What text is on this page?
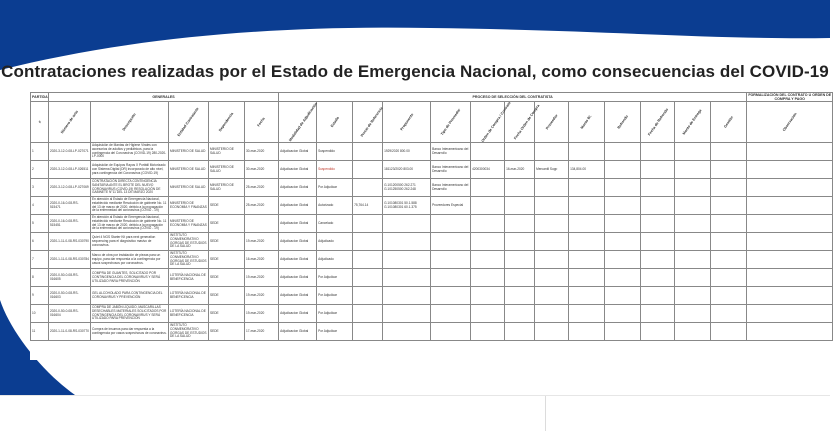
Contrataciones realizadas por el Estado de Emergencia Nacional, como consecuencias del COVID-19
PARTIDA	GENERALES					PROCESO DE SELECCIÓN DEL CONTRATISTA													FORMALIZACIÓN DEL CONTRATO U ORDEN DE COMPRA Y PAGO
#	Número de acto	Descripción	Entidad Contratante	Dependencia	Fecha	Modalidad de Adjudicación	Estado	Precio de Referencia	Proponente	Tipo de Proveedor	Orden de Compra / Contrato	Fecha Orden de Compra	Proveedor	Monto B/.	Refrendo	Fecha de Refrendo	Monto de Entrega	Gestión	Observación
1	2020-3-12-0-08-LP-027071	Adquisición de Mantas de Higiene Virales con accesorios de adultos y pediátricos, para la contingencia del Coronavirus (COVID-19) 280-2020-LP-0000	MINISTERIO DE SALUD	MINISTERIO DE SALUD	30-mar-2020	Adjudicacion Global	Suspendido		1929/2020 800.00	Banco Interamericano del Desarrollo									
2	2020-3-12-0-08-LP-026511	Adquisición de Equipos Rayos X Portátil Motorizado con Sistema Digital (DR) incorporado de alto nivel, para contingencia del Coronavirus (COVID-19)	MINISTERIO DE SALUD	MINISTERIO DE SALUD	30-mar-2020	Adjudicacion Global	Suspendido		181123/2020 803.00	Banco Interamericano del Desarrollo	4200300034	16-mar-2020	Mercantil Supp	134,804.00					
3	2020-3-12-0-08-LP-027069	CONTRATACIÓN DIRECTA CONTINGENCIA SANITARIA ANTE EL BROTE DEL NUEVO CORONAVIRUS (COVID-19) RESOLUCIÓN DE GABINETE N°11 DEL 13 DE MARZO 2020	MINISTERIO DE SALUD	MINISTERIO DE SALUD	25-mar-2020	Adjudicacion Global	Por Adjudicar		G.101200500 262.271 G.101250500 262.248	Banco Interamericano del Desarrollo									
4	2020-0-16-0-08-RS-515471	En atención al Estado de Emergencia Nacional, establecido mediante Resolución de gabinete No. 11 del 13 de marzo de 2020, debido a la propagación de la enfermedad del coronavirus (COVID - 19)	MINISTERIO DE ECONOMÍA Y FINANZAS	SEDE	25-mar-2020	Adjudicacion Global	Autorizado	75,764.14	G.101080301 50.1.588 G.101080301 60.1.375	Proveedores Especial									
5	2020-0-16-0-08-RS-515451	En atención al Estado de Emergencia Nacional, establecido mediante Resolución de gabinete No. 11 del 13 de marzo de 2020, debido a la propagación de la enfermedad del coronavirus (COVID - 19)	MINISTERIO DE ECONOMÍA Y FINANZAS	SEDE		Adjudicacion Global	Cancelado												
6	2020-1-11-0-08-RS-030790	Quiet 4 NGS Starter Kit para next generation sequencing para el diagnóstico masivo de coronavirus.	INSTITUTO CONMEMORATIVO GORGAS DE ESTUDIOS DE LA SALUD	SEDE	19-mar-2020	Adjudicacion Global	Adjudicado												
7	2020-1-11-0-08-RS-030784	Marco de obra por instalación de piezas para un equipo, para dar respuesta a la contingencia por casos sospechosos por coronavirus.	INSTITUTO CONMEMORATIVO GORGAS DE ESTUDIOS DE LA SALUD	SEDE	16-mar-2020	Adjudicacion Global	Adjudicado												
8	2020-0-50-0-08-RS-016605	COMPRA DE GUANTES, SOLICITADO POR CONTINGENCIA DEL CORONAVIRUS Y SERÁ UTILIZADO PARA PREVENCIÓN	LOTERÍA NACIONAL DE BENEFICENCIA	SEDE	19-mar-2020	Adjudicacion Global	Por Adjudicar												
9	2020-0-50-0-08-RS-016603	GEL ALCOHOLADO PARA CONTINGENCIA DEL CORONAVIRUS Y PREVENCIÓN	LOTERÍA NACIONAL DE BENEFICENCIA	SEDE	19-mar-2020	Adjudicacion Global	Por Adjudicar												
10	2020-0-50-0-08-RS-016604	COMPRA DE JABÓN LÍQUIDO, MASCARILLAS DESECHABLES MATERIALES SOLICITADOS POR CONTINGENCIA DEL CORONAVIRUS Y SERÁ UTILIZADO PARA PREVENCIÓN	LOTERÍA NACIONAL DE BENEFICENCIA	SEDE	19-mar-2020	Adjudicacion Global	Por Adjudicar												
11	2020-1-11-0-08-RS-030770	Compra de insumos para dar respuesta a la contingencia por casos sospechosos de coronavirus.	INSTITUTO CONMEMORATIVO GORGAS DE ESTUDIOS DE LA SALUD	SEDE	17-mar-2020	Adjudicacion Global	Por Adjudicar												
